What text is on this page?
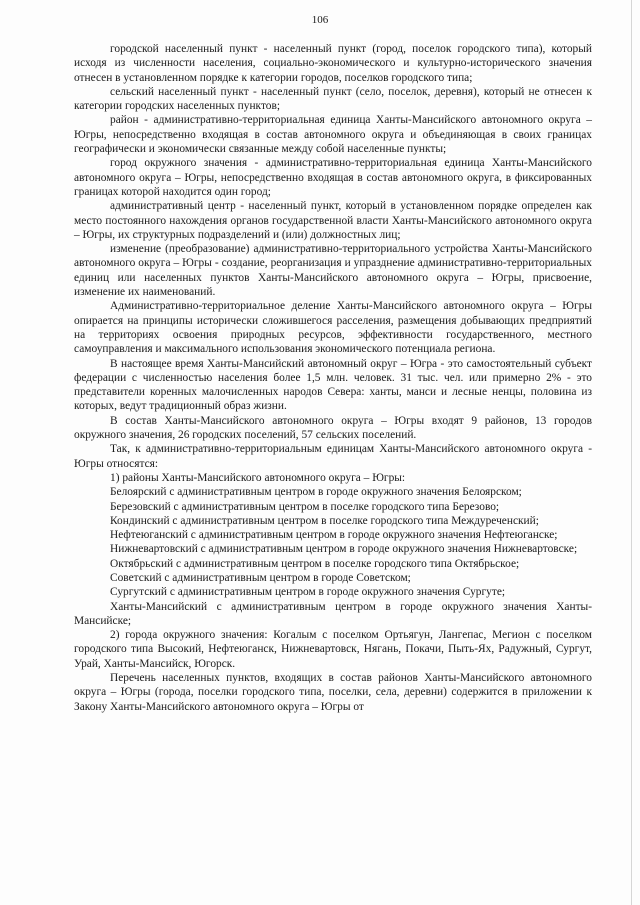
106

городской населенный пункт - населенный пункт (город, поселок городского типа), который исходя из численности населения, социально-экономического и культурно-исторического значения отнесен в установленном порядке к категории городов, поселков городского типа;

сельский населенный пункт - населенный пункт (село, поселок, деревня), который не отнесен к категории городских населенных пунктов;

район - административно-территориальная единица Ханты-Мансийского автономного округа – Югры, непосредственно входящая в состав автономного округа и объединяющая в своих границах географически и экономически связанные между собой населенные пункты;

город окружного значения - административно-территориальная единица Ханты-Мансийского автономного округа – Югры, непосредственно входящая в состав автономного округа, в фиксированных границах которой находится один город;

административный центр - населенный пункт, который в установленном порядке определен как место постоянного нахождения органов государственной власти Ханты-Мансийского автономного округа – Югры, их структурных подразделений и (или) должностных лиц;

изменение (преобразование) административно-территориального устройства Ханты-Мансийского автономного округа – Югры - создание, реорганизация и упразднение административно-территориальных единиц или населенных пунктов Ханты-Мансийского автономного округа – Югры, присвоение, изменение их наименований.

Административно-территориальное деление Ханты-Мансийского автономного округа – Югры опирается на принципы исторически сложившегося расселения, размещения добывающих предприятий на территориях освоения природных ресурсов, эффективности государственного, местного самоуправления и максимального использования экономического потенциала региона.

В настоящее время Ханты-Мансийский автономный округ – Югра - это самостоятельный субъект федерации с численностью населения более 1,5 млн. человек. 31 тыс. чел. или примерно 2% - это представители коренных малочисленных народов Севера: ханты, манси и лесные ненцы, половина из которых, ведут традиционный образ жизни.

В состав Ханты-Мансийского автономного округа – Югры входят 9 районов, 13 городов окружного значения, 26 городских поселений, 57 сельских поселений.

Так, к административно-территориальным единицам Ханты-Мансийского автономного округа - Югры относятся:

1) районы Ханты-Мансийского автономного округа – Югры:

Белоярский с административным центром в городе окружного значения Белоярском;

Березовский с административным центром в поселке городского типа Березово;

Кондинский с административным центром в поселке городского типа Междуреченский;

Нефтеюганский с административным центром в городе окружного значения Нефтеюганске;

Нижневартовский с административным центром в городе окружного значения Нижневартовске;

Октябрьский с административным центром в поселке городского типа Октябрьское;

Советский с административным центром в городе Советском;

Сургутский с административным центром в городе окружного значения Сургуте;

Ханты-Мансийский с административным центром в городе окружного значения Ханты-Мансийске;

2) города окружного значения: Когалым с поселком Ортьягун, Лангепас, Мегион с поселком городского типа Высокий, Нефтеюганск, Нижневартовск, Нягань, Покачи, Пыть-Ях, Радужный, Сургут, Урай, Ханты-Мансийск, Югорск.

Перечень населенных пунктов, входящих в состав районов Ханты-Мансийского автономного округа – Югры (города, поселки городского типа, поселки, села, деревни) содержится в приложении к Закону Ханты-Мансийского автономного округа – Югры от
